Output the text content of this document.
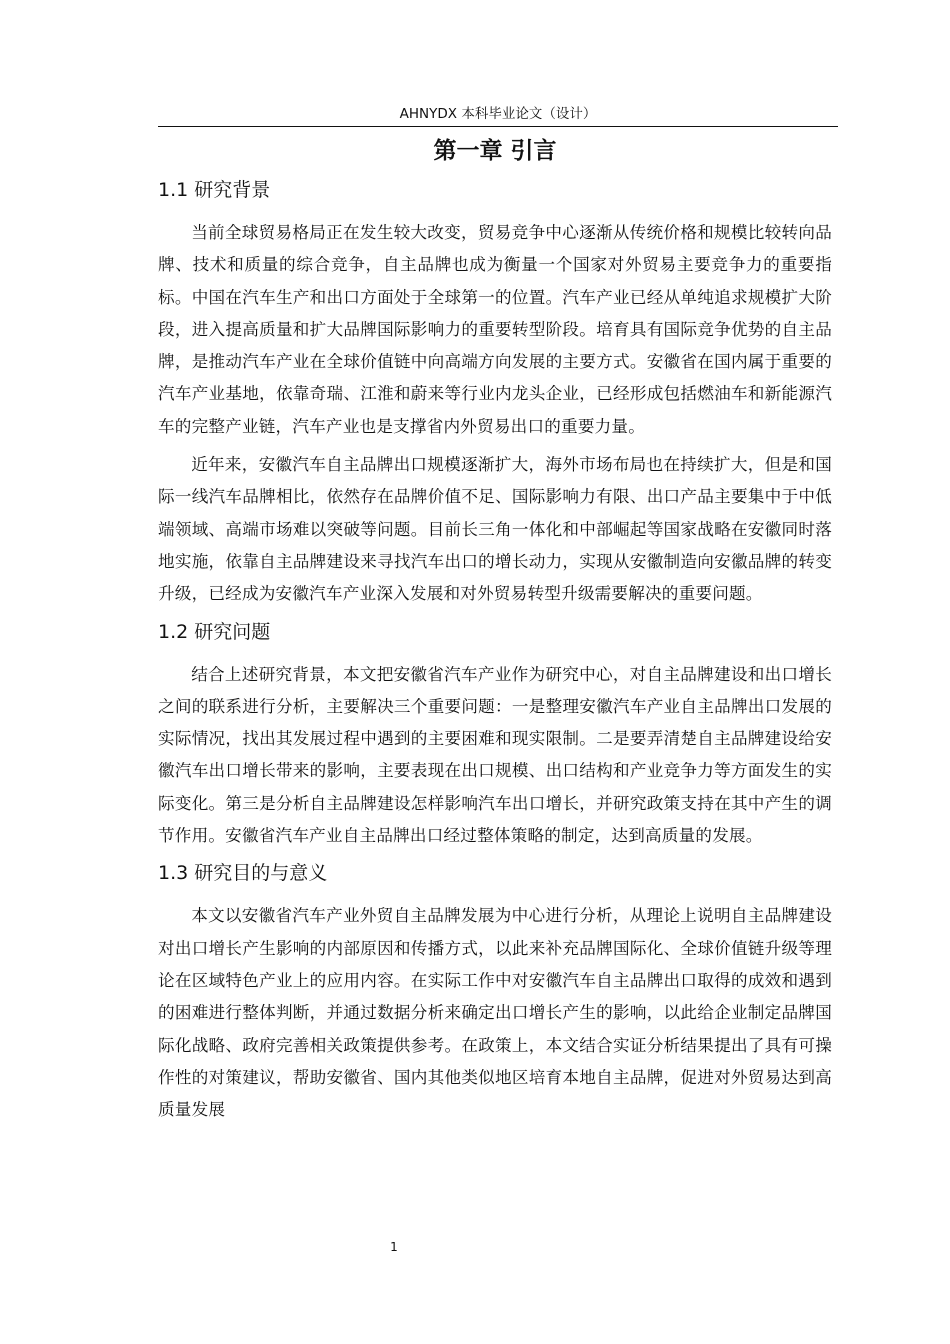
AHNYDX 本科毕业论文（设计）
第一章 引言
1.1 研究背景

当前全球贸易格局正在发生较大改变，贸易竞争中心逐渐从传统价格和规模比较转向品牌、技术和质量的综合竞争，自主品牌也成为衡量一个国家对外贸易主要竞争力的重要指标。中国在汽车生产和出口方面处于全球第一的位置。汽车产业已经从单纯追求规模扩大阶段，进入提高质量和扩大品牌国际影响力的重要转型阶段。培育具有国际竞争优势的自主品牌，是推动汽车产业在全球价值链中向高端方向发展的主要方式。安徽省在国内属于重要的汽车产业基地，依靠奇瑞、江淮和蔚来等行业内龙头企业，已经形成包括燃油车和新能源汽车的完整产业链，汽车产业也是支撑省内外贸易出口的重要力量。

近年来，安徽汽车自主品牌出口规模逐渐扩大，海外市场布局也在持续扩大，但是和国际一线汽车品牌相比，依然存在品牌价值不足、国际影响力有限、出口产品主要集中于中低端领域、高端市场难以突破等问题。目前长三角一体化和中部崛起等国家战略在安徽同时落地实施，依靠自主品牌建设来寻找汽车出口的增长动力，实现从安徽制造向安徽品牌的转变升级，已经成为安徽汽车产业深入发展和对外贸易转型升级需要解决的重要问题。

1.2 研究问题

结合上述研究背景，本文把安徽省汽车产业作为研究中心，对自主品牌建设和出口增长之间的联系进行分析，主要解决三个重要问题：一是整理安徽汽车产业自主品牌出口发展的实际情况，找出其发展过程中遇到的主要困难和现实限制。二是要弄清楚自主品牌建设给安徽汽车出口增长带来的影响，主要表现在出口规模、出口结构和产业竞争力等方面发生的实际变化。第三是分析自主品牌建设怎样影响汽车出口增长，并研究政策支持在其中产生的调节作用。安徽省汽车产业自主品牌出口经过整体策略的制定，达到高质量的发展。

1.3 研究目的与意义

本文以安徽省汽车产业外贸自主品牌发展为中心进行分析，从理论上说明自主品牌建设对出口增长产生影响的内部原因和传播方式，以此来补充品牌国际化、全球价值链升级等理论在区域特色产业上的应用内容。在实际工作中对安徽汽车自主品牌出口取得的成效和遇到的困难进行整体判断，并通过数据分析来确定出口增长产生的影响，以此给企业制定品牌国际化战略、政府完善相关政策提供参考。在政策上，本文结合实证分析结果提出了具有可操作性的对策建议，帮助安徽省、国内其他类似地区培育本地自主品牌，促进对外贸易达到高质量发展

1
